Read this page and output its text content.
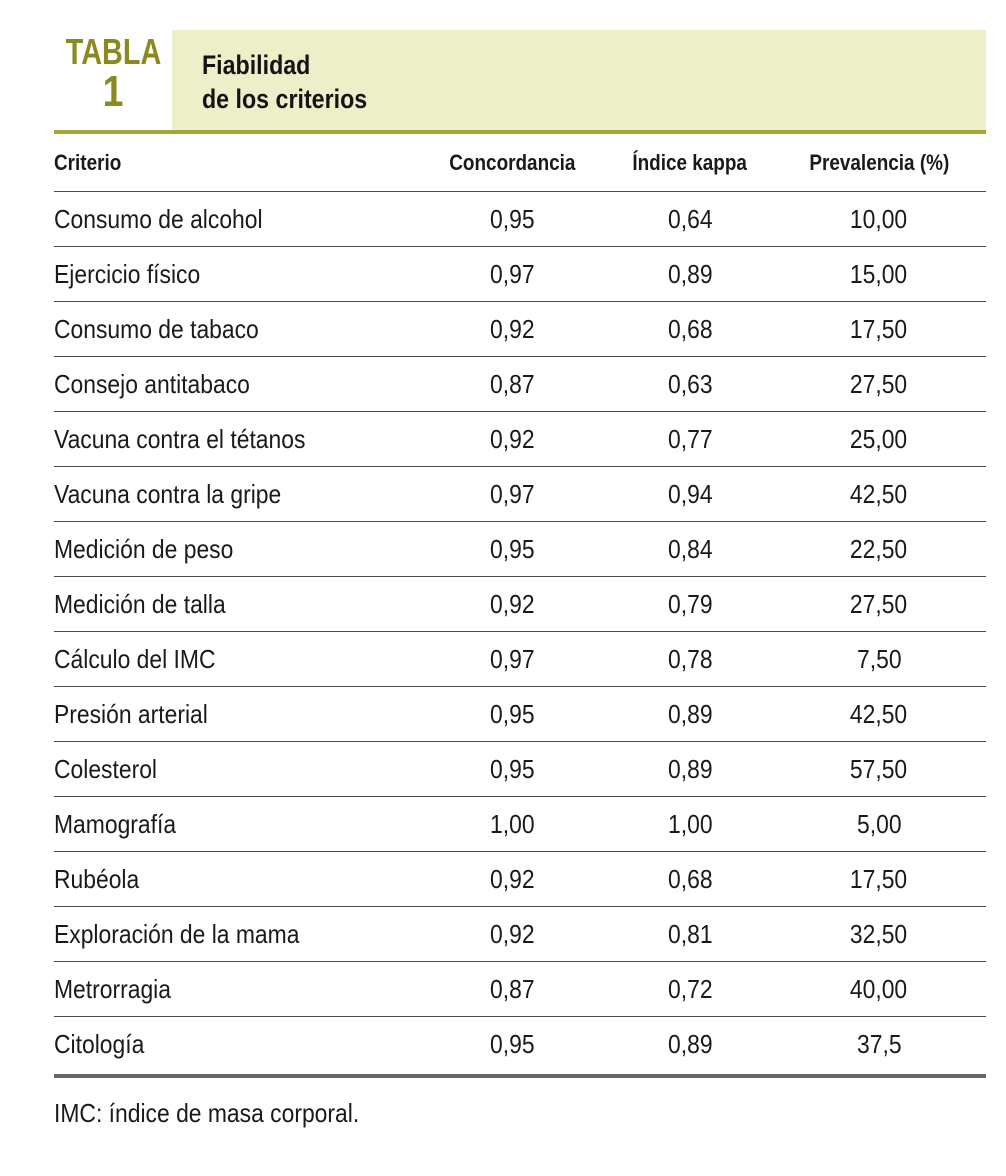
TABLA
1
Fiabilidad
de los criterios
Criterio	Concordancia	Índice kappa	Prevalencia (%)
Consumo de alcohol	0,95	0,64	10,00
Ejercicio físico	0,97	0,89	15,00
Consumo de tabaco	0,92	0,68	17,50
Consejo antitabaco	0,87	0,63	27,50
Vacuna contra el tétanos	0,92	0,77	25,00
Vacuna contra la gripe	0,97	0,94	42,50
Medición de peso	0,95	0,84	22,50
Medición de talla	0,92	0,79	27,50
Cálculo del IMC	0,97	0,78	7,50
Presión arterial	0,95	0,89	42,50
Colesterol	0,95	0,89	57,50
Mamografía	1,00	1,00	5,00
Rubéola	0,92	0,68	17,50
Exploración de la mama	0,92	0,81	32,50
Metrorragia	0,87	0,72	40,00
Citología	0,95	0,89	37,5
IMC: índice de masa corporal.
